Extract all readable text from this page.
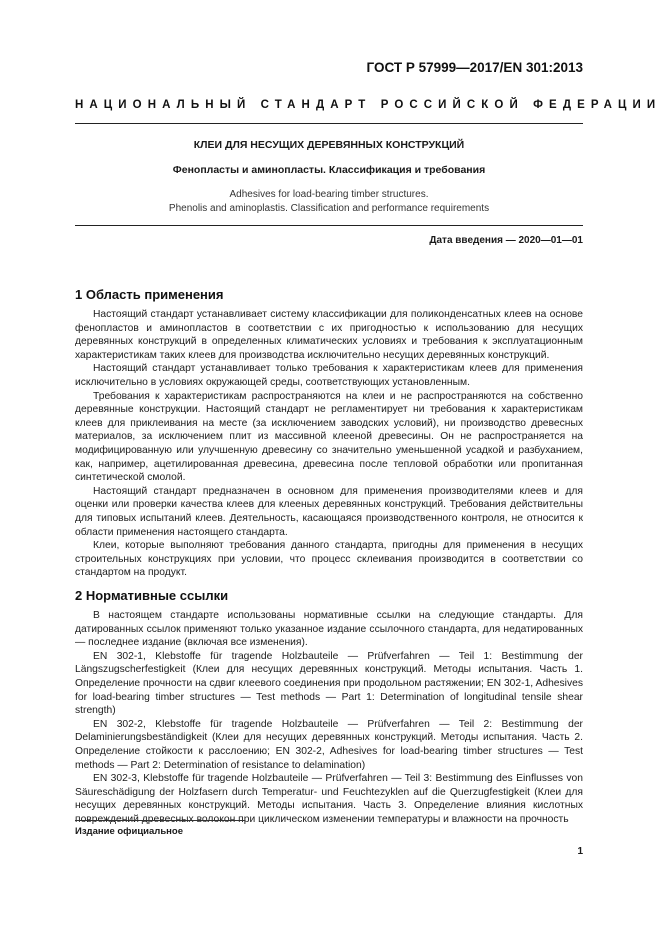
ГОСТ Р 57999—2017/EN 301:2013
НАЦИОНАЛЬНЫЙ СТАНДАРТ РОССИЙСКОЙ ФЕДЕРАЦИИ
КЛЕИ ДЛЯ НЕСУЩИХ ДЕРЕВЯННЫХ КОНСТРУКЦИЙ
Фенопласты и аминопласты. Классификация и требования
Adhesives for load-bearing timber structures.
Phenolis and aminoplastis. Classification and performance requirements
Дата введения — 2020—01—01
1 Область применения

Настоящий стандарт устанавливает систему классификации для поликонденсатных клеев на основе фенопластов и аминопластов в соответствии с их пригодностью к использованию для несущих деревянных конструкций в определенных климатических условиях и требования к эксплуатационным характеристикам таких клеев для производства исключительно несущих деревянных конструкций.

Настоящий стандарт устанавливает только требования к характеристикам клеев для применения исключительно в условиях окружающей среды, соответствующих установленным.

Требования к характеристикам распространяются на клеи и не распространяются на собственно деревянные конструкции. Настоящий стандарт не регламентирует ни требования к характеристикам клеев для приклеивания на месте (за исключением заводских условий), ни производство древесных материалов, за исключением плит из массивной клееной древесины. Он не распространяется на модифицированную или улучшенную древесину со значительно уменьшенной усадкой и разбуханием, как, например, ацетилированная древесина, древесина после тепловой обработки или пропитанная синтетической смолой.

Настоящий стандарт предназначен в основном для применения производителями клеев и для оценки или проверки качества клеев для клееных деревянных конструкций. Требования действительны для типовых испытаний клеев. Деятельность, касающаяся производственного контроля, не относится к области применения настоящего стандарта.

Клеи, которые выполняют требования данного стандарта, пригодны для применения в несущих строительных конструкциях при условии, что процесс склеивания производится в соответствии со стандартом на продукт.

2 Нормативные ссылки

В настоящем стандарте использованы нормативные ссылки на следующие стандарты. Для датированных ссылок применяют только указанное издание ссылочного стандарта, для недатированных — последнее издание (включая все изменения).

EN 302-1, Klebstoffe für tragende Holzbauteile — Prüfverfahren — Teil 1: Bestimmung der Längszugscherfestigkeit (Клеи для несущих деревянных конструкций. Методы испытания. Часть 1. Определение прочности на сдвиг клеевого соединения при продольном растяжении; EN 302-1, Adhesives for load-bearing timber structures — Test methods — Part 1: Determination of longitudinal tensile shear strength)

EN 302-2, Klebstoffe für tragende Holzbauteile — Prüfverfahren — Teil 2: Bestimmung der Delaminierungsbeständigkeit (Клеи для несущих деревянных конструкций. Методы испытания. Часть 2. Определение стойкости к расслоению; EN 302-2, Adhesives for load-bearing timber structures — Test methods — Part 2: Determination of resistance to delamination)

EN 302-3, Klebstoffe für tragende Holzbauteile — Prüfverfahren — Teil 3: Bestimmung des Einflusses von Säureschädigung der Holzfasern durch Temperatur- und Feuchtezyklen auf die Querzugfestigkeit (Клеи для несущих деревянных конструкций. Методы испытания. Часть 3. Определение влияния кислотных повреждений древесных волокон при циклическом изменении температуры и влажности на прочность

Издание официальное
1
